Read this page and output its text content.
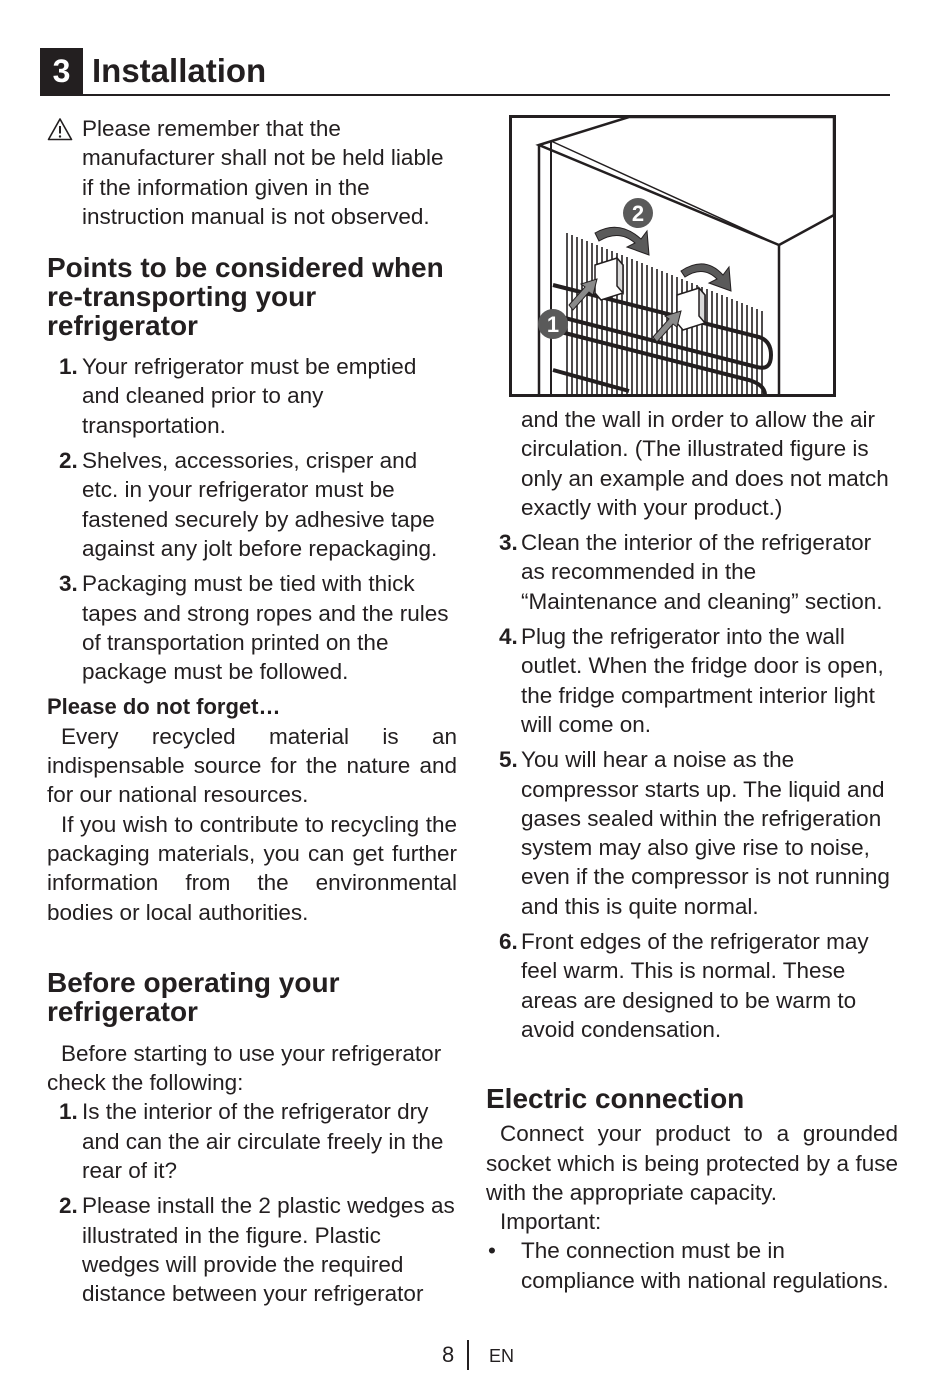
3 Installation

Please remember that the manufacturer shall not be held liable if the information given in the instruction manual is not observed.

Points to be considered when re-transporting your refrigerator
1. Your refrigerator must be emptied and cleaned prior to any transportation.
2. Shelves, accessories, crisper and etc. in your refrigerator must be fastened securely by adhesive tape against any jolt before repackaging.
3. Packaging must be tied with thick tapes and strong ropes and the rules of transportation printed on the package must be followed.

Please do not forget…

Every recycled material is an indispensable source for the nature and for our national resources.

If you wish to contribute to recycling the packaging materials, you can get further information from the environmental bodies or local authorities.

Before operating your refrigerator

Before starting to use your refrigerator check the following:

1. Is the interior of the refrigerator dry and can the air circulate freely in the rear of it?
2. Please install the 2 plastic wedges as illustrated in the figure. Plastic wedges will provide the required distance between your refrigerator
2
1

and the wall in order to allow the air circulation. (The illustrated figure is only an example and does not match exactly with your product.)

3. Clean the interior of the refrigerator as recommended in the “Maintenance and cleaning” section.
4. Plug the refrigerator into the wall outlet. When the fridge door is open, the fridge compartment interior light will come on.
5. You will hear a noise as the compressor starts up. The liquid and gases sealed within the refrigeration system may also give rise to noise, even if the compressor is not running and this is quite normal.
6. Front edges of the refrigerator may feel warm. This is normal. These areas are designed to be warm to avoid condensation.
Electric connection

Connect your product to a grounded socket which is being protected by a fuse with the appropriate capacity.

Important:

• The connection must be in compliance with national regulations.
8 EN
